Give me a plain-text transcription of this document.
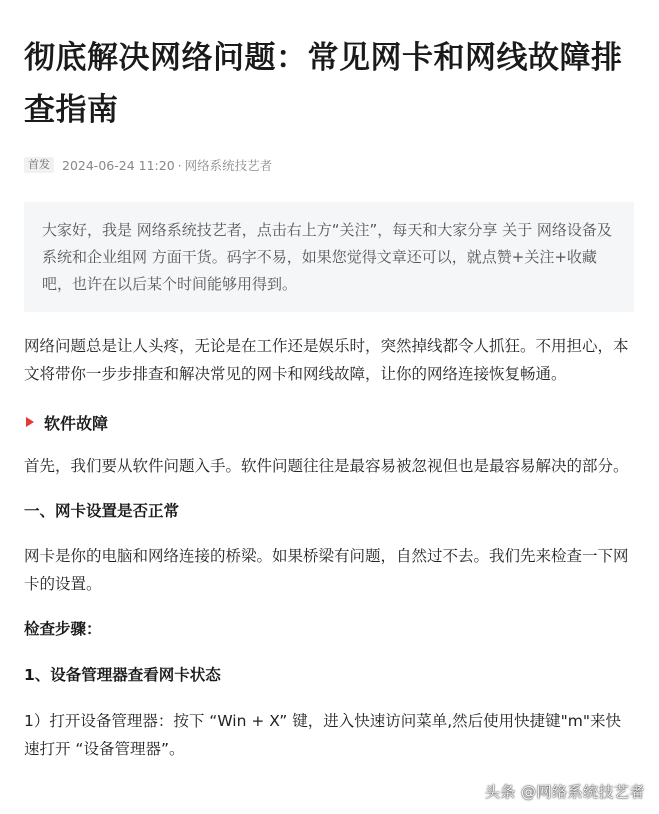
彻底解决网络问题：常见网卡和网线故障排查指南
首发 2024-06-24 11:20 · 网络系统技艺者
大家好，我是 网络系统技艺者，点击右上方“关注”，每天和大家分享 关于 网络设备及系统和企业组网 方面干货。码字不易，如果您觉得文章还可以，就点赞+关注+收藏吧，也许在以后某个时间能够用得到。

网络问题总是让人头疼，无论是在工作还是娱乐时，突然掉线都令人抓狂。不用担心，本文将带你一步步排查和解决常见的网卡和网线故障，让你的网络连接恢复畅通。

软件故障

首先，我们要从软件问题入手。软件问题往往是最容易被忽视但也是最容易解决的部分。

一、网卡设置是否正常

网卡是你的电脑和网络连接的桥梁。如果桥梁有问题，自然过不去。我们先来检查一下网卡的设置。

检查步骤：

1、设备管理器查看网卡状态

1）打开设备管理器：按下 “Win + X” 键，进入快速访问菜单,然后使用快捷键"m"来快速打开 “设备管理器”。

头条 @网络系统技艺者
